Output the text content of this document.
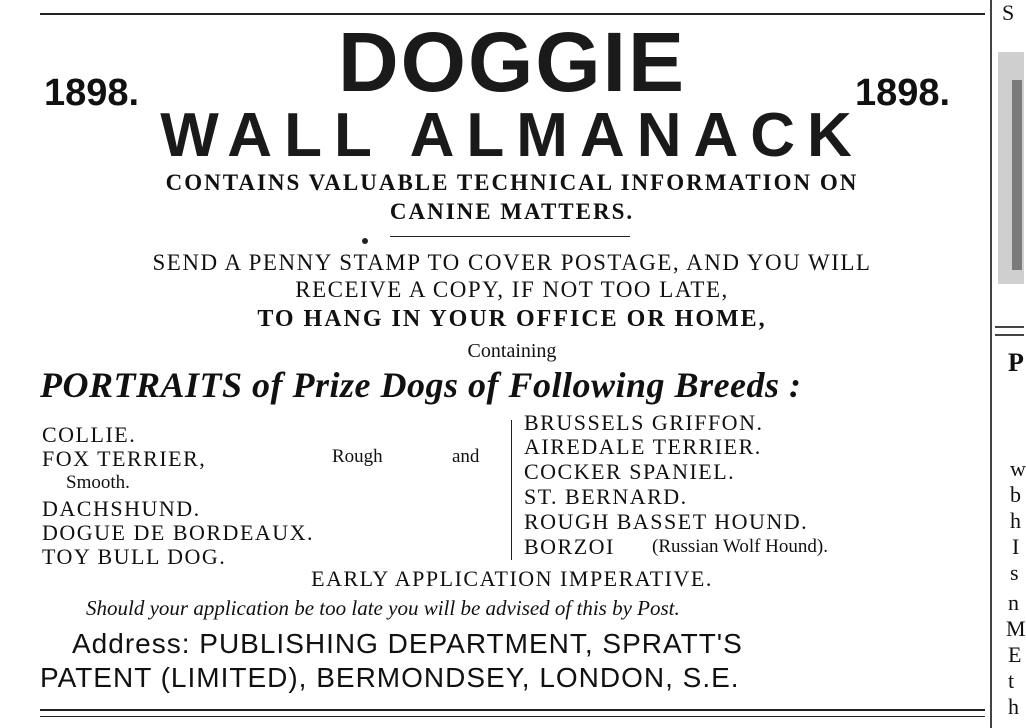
1898.	1898.
DOGGIE
WALL ALMANACK
CONTAINS VALUABLE TECHNICAL INFORMATION ON
CANINE MATTERS.
SEND A PENNY STAMP TO COVER POSTAGE, AND YOU WILL
RECEIVE A COPY, IF NOT TOO LATE,
TO HANG IN YOUR OFFICE OR HOME,
Containing
PORTRAITS of Prize Dogs of Following Breeds :
COLLIE.
FOX TERRIER,	Rough	and
Smooth.
DACHSHUND.
DOGUE DE BORDEAUX.
TOY BULL DOG.
BRUSSELS GRIFFON.
AIREDALE TERRIER.
COCKER SPANIEL.
ST. BERNARD.
ROUGH BASSET HOUND.
BORZOI (Russian Wolf Hound).
EARLY APPLICATION IMPERATIVE.
Should your application be too late you will be advised of this by Post.
Address: PUBLISHING DEPARTMENT, SPRATT'S
PATENT (LIMITED), BERMONDSEY, LONDON, S.E.
S
P
w
b
h
I
s
n
M
E
t
h
